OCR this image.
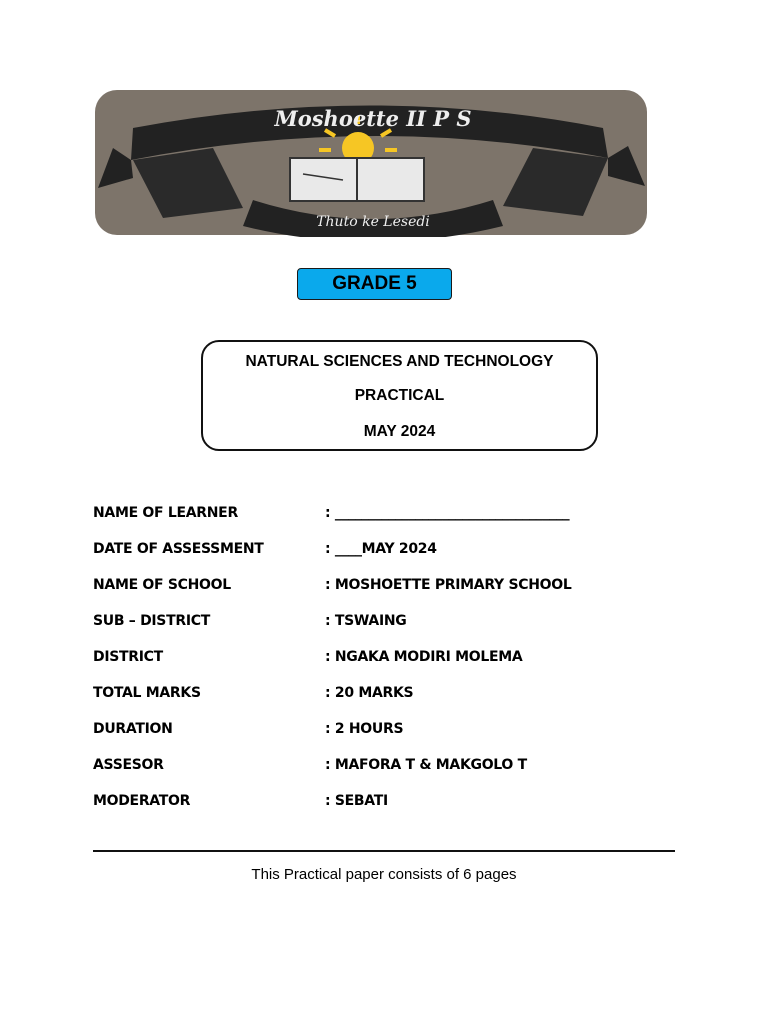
Moshoette II P S
Thuto ke Lesedi
GRADE 5
NATURAL SCIENCES AND TECHNOLOGY
PRACTICAL
MAY 2024
NAME OF LEARNER	: ___________________________________
DATE OF ASSESSMENT	: ____MAY 2024
NAME OF SCHOOL	: MOSHOETTE PRIMARY SCHOOL
SUB – DISTRICT	: TSWAING
DISTRICT	: NGAKA MODIRI MOLEMA
TOTAL MARKS	: 20 MARKS
DURATION	: 2 HOURS
ASSESOR	: MAFORA T & MAKGOLO T
MODERATOR	: SEBATI
This Practical paper consists of 6 pages
